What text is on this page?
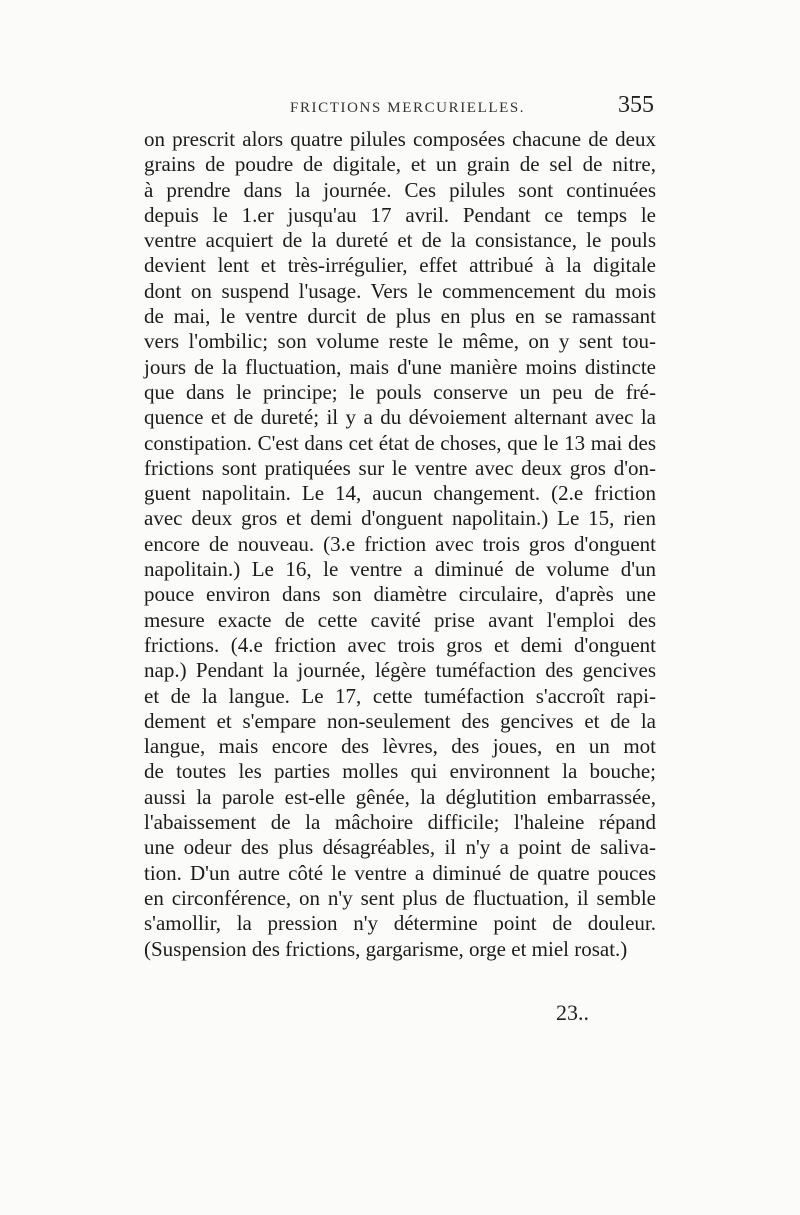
FRICTIONS MERCURIELLES.	355
on prescrit alors quatre pilules composées chacune de deux
grains de poudre de digitale, et un grain de sel de nitre,
à prendre dans la journée. Ces pilules sont continuées
depuis le 1.er jusqu'au 17 avril. Pendant ce temps le
ventre acquiert de la dureté et de la consistance, le pouls
devient lent et très-irrégulier, effet attribué à la digitale
dont on suspend l'usage. Vers le commencement du mois
de mai, le ventre durcit de plus en plus en se ramassant
vers l'ombilic; son volume reste le même, on y sent tou-
jours de la fluctuation, mais d'une manière moins distincte
que dans le principe; le pouls conserve un peu de fré-
quence et de dureté; il y a du dévoiement alternant avec la
constipation. C'est dans cet état de choses, que le 13 mai des
frictions sont pratiquées sur le ventre avec deux gros d'on-
guent napolitain. Le 14, aucun changement. (2.e friction
avec deux gros et demi d'onguent napolitain.) Le 15, rien
encore de nouveau. (3.e friction avec trois gros d'onguent
napolitain.) Le 16, le ventre a diminué de volume d'un
pouce environ dans son diamètre circulaire, d'après une
mesure exacte de cette cavité prise avant l'emploi des
frictions. (4.e friction avec trois gros et demi d'onguent
nap.) Pendant la journée, légère tuméfaction des gencives
et de la langue. Le 17, cette tuméfaction s'accroît rapi-
dement et s'empare non-seulement des gencives et de la
langue, mais encore des lèvres, des joues, en un mot
de toutes les parties molles qui environnent la bouche;
aussi la parole est-elle gênée, la déglutition embarrassée,
l'abaissement de la mâchoire difficile; l'haleine répand
une odeur des plus désagréables, il n'y a point de saliva-
tion. D'un autre côté le ventre a diminué de quatre pouces
en circonférence, on n'y sent plus de fluctuation, il semble
s'amollir, la pression n'y détermine point de douleur.
(Suspension des frictions, gargarisme, orge et miel rosat.)
23..
